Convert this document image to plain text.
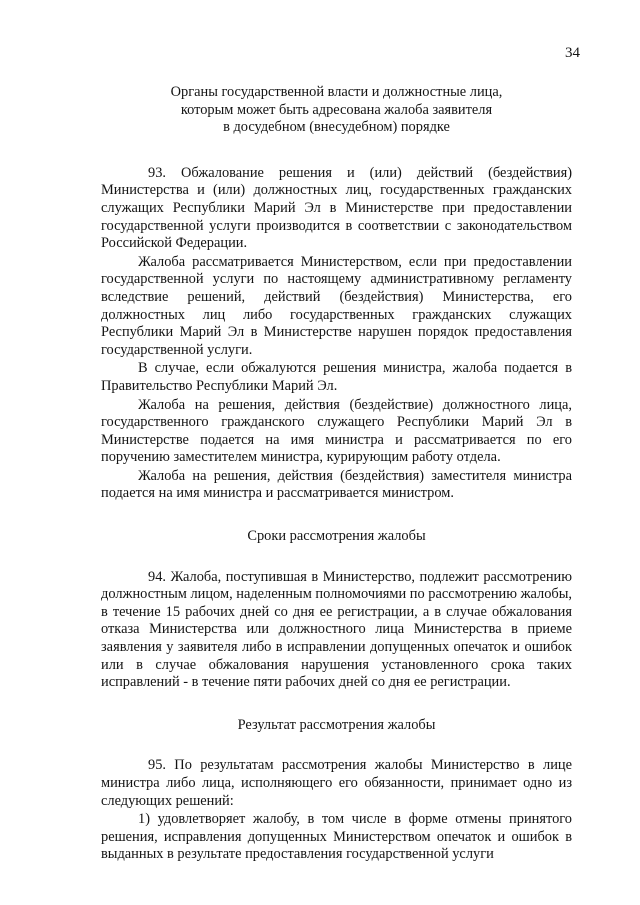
34
Органы государственной власти и должностные лица,
которым может быть адресована жалоба заявителя
в досудебном (внесудебном) порядке

93. Обжалование решения и (или) действий (бездействия) Министерства и (или) должностных лиц, государственных гражданских служащих Республики Марий Эл в Министерстве при предоставлении государственной услуги производится в соответствии с законодательством Российской Федерации.

Жалоба рассматривается Министерством, если при предоставлении государственной услуги по настоящему административному регламенту вследствие решений, действий (бездействия) Министерства, его должностных лиц либо государственных гражданских служащих Республики Марий Эл в Министерстве нарушен порядок предоставления государственной услуги.

В случае, если обжалуются решения министра, жалоба подается в Правительство Республики Марий Эл.

Жалоба на решения, действия (бездействие) должностного лица, государственного гражданского служащего Республики Марий Эл в Министерстве подается на имя министра и рассматривается по его поручению заместителем министра, курирующим работу отдела.

Жалоба на решения, действия (бездействия) заместителя министра подается на имя министра и рассматривается министром.

Сроки рассмотрения жалобы

94. Жалоба, поступившая в Министерство, подлежит рассмотрению должностным лицом, наделенным полномочиями по рассмотрению жалобы, в течение 15 рабочих дней со дня ее регистрации, а в случае обжалования отказа Министерства или должностного лица Министерства в приеме заявления у заявителя либо в исправлении допущенных опечаток и ошибок или в случае обжалования нарушения установленного срока таких исправлений - в течение пяти рабочих дней со дня ее регистрации.

Результат рассмотрения жалобы

95. По результатам рассмотрения жалобы Министерство в лице министра либо лица, исполняющего его обязанности, принимает одно из следующих решений:

1) удовлетворяет жалобу, в том числе в форме отмены принятого решения, исправления допущенных Министерством опечаток и ошибок в выданных в результате предоставления государственной услуги
